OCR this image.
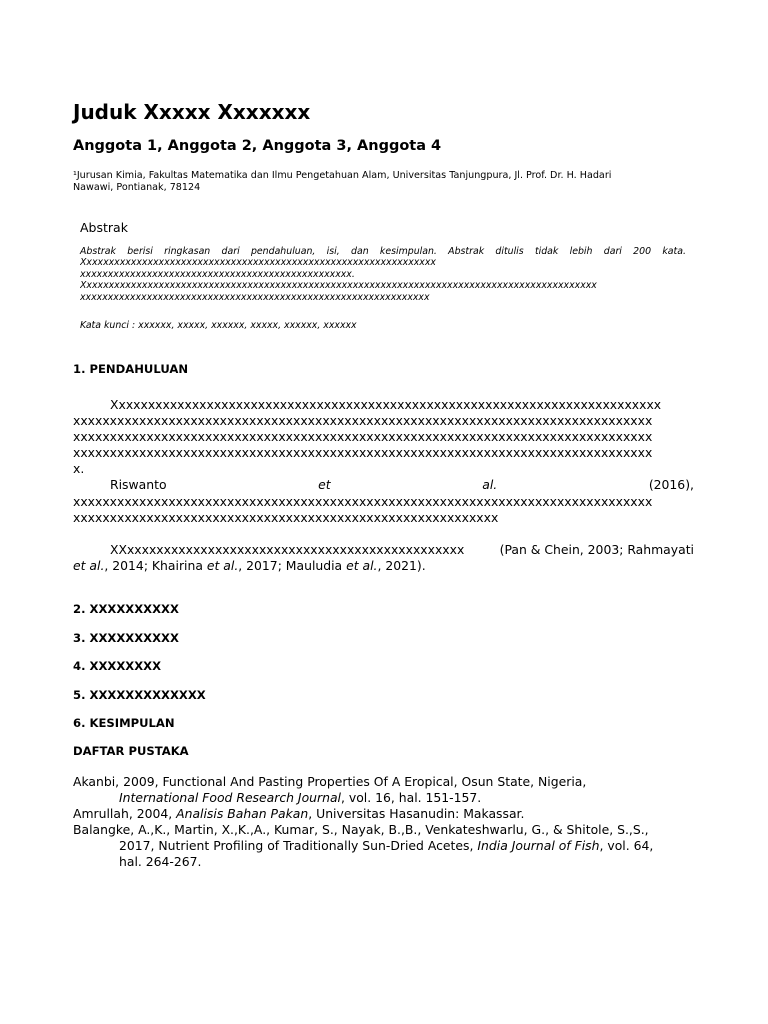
Juduk Xxxxx Xxxxxxx
Anggota 1, Anggota 2, Anggota 3, Anggota 4
¹Jurusan Kimia, Fakultas Matematika dan Ilmu Pengetahuan Alam, Universitas Tanjungpura, Jl. Prof. Dr. H. Hadari
Nawawi, Pontianak, 78124
Abstrak
Abstrak berisi ringkasan dari pendahuluan, isi, dan kesimpulan. Abstrak ditulis tidak lebih dari 200 kata.
Xxxxxxxxxxxxxxxxxxxxxxxxxxxxxxxxxxxxxxxxxxxxxxxxxxxxxxxxxxxxxxxx
xxxxxxxxxxxxxxxxxxxxxxxxxxxxxxxxxxxxxxxxxxxxxxxxx.
Xxxxxxxxxxxxxxxxxxxxxxxxxxxxxxxxxxxxxxxxxxxxxxxxxxxxxxxxxxxxxxxxxxxxxxxxxxxxxxxxxxxxxxxxxxxxx
xxxxxxxxxxxxxxxxxxxxxxxxxxxxxxxxxxxxxxxxxxxxxxxxxxxxxxxxxxxxxxx
Kata kunci : xxxxxx, xxxxx, xxxxxx, xxxxx, xxxxxx, xxxxxx
1. PENDAHULUAN
Xxxxxxxxxxxxxxxxxxxxxxxxxxxxxxxxxxxxxxxxxxxxxxxxxxxxxxxxxxxxxxxxxxxxxxxxxxx
xxxxxxxxxxxxxxxxxxxxxxxxxxxxxxxxxxxxxxxxxxxxxxxxxxxxxxxxxxxxxxxxxxxxxxxxxxxxxxx
xxxxxxxxxxxxxxxxxxxxxxxxxxxxxxxxxxxxxxxxxxxxxxxxxxxxxxxxxxxxxxxxxxxxxxxxxxxxxxx
xxxxxxxxxxxxxxxxxxxxxxxxxxxxxxxxxxxxxxxxxxxxxxxxxxxxxxxxxxxxxxxxxxxxxxxxxxxxxxx
x.
Riswanto	et	al.	(2016),
xxxxxxxxxxxxxxxxxxxxxxxxxxxxxxxxxxxxxxxxxxxxxxxxxxxxxxxxxxxxxxxxxxxxxxxxxxxxxxx
xxxxxxxxxxxxxxxxxxxxxxxxxxxxxxxxxxxxxxxxxxxxxxxxxxxxxxxxxx
XXxxxxxxxxxxxxxxxxxxxxxxxxxxxxxxxxxxxxxxxxxxxxxx	(Pan & Chein, 2003; Rahmayati
et al., 2014; Khairina et al., 2017; Mauludia et al., 2021).
2. XXXXXXXXXX
3. XXXXXXXXXX
4. XXXXXXXX
5. XXXXXXXXXXXXX
6. KESIMPULAN
DAFTAR PUSTAKA
Akanbi, 2009, Functional And Pasting Properties Of A Eropical, Osun State, Nigeria,
International Food Research Journal, vol. 16, hal. 151-157.
Amrullah, 2004, Analisis Bahan Pakan, Universitas Hasanudin: Makassar.
Balangke, A.,K., Martin, X.,K.,A., Kumar, S., Nayak, B.,B., Venkateshwarlu, G., & Shitole, S.,S.,
2017, Nutrient Profiling of Traditionally Sun-Dried Acetes, India Journal of Fish, vol. 64,
hal. 264-267.
